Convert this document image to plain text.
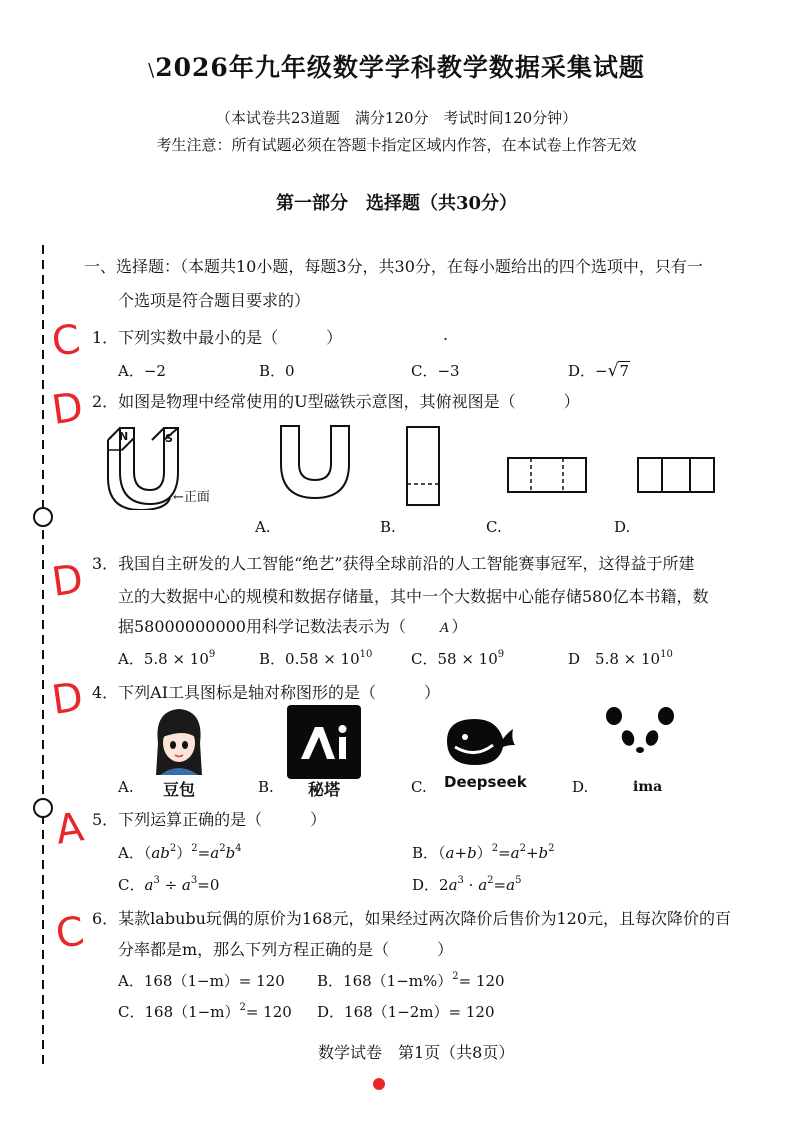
\2026年九年级数学学科教学数据采集试题
（本试卷共23道题　满分120分　考试时间120分钟）
考生注意：所有试题必须在答题卡指定区域内作答，在本试卷上作答无效
第一部分　选择题（共30分）
一、选择题：（本题共10小题，每题3分，共30分，在每小题给出的四个选项中，只有一
个选项是符合题目要求的）
C 1．下列实数中最小的是（　　　）	.
A．−2	B．0	C．−3	D．−√7
D 2．如图是物理中经常使用的U型磁铁示意图，其俯视图是（　　　）
N	S
←正面
A.	B.	C.	D.
D 3．我国自主研发的人工智能“绝艺”获得全球前沿的人工智能赛事冠军，这得益于所建
立的大数据中心的规模和数据存储量，其中一个大数据中心能存储580亿本书籍，数
据58000000000用科学记数法表示为（　　A ）
A．$5.8 \times 10^9$	B．$0.58 \times 10^{10}$	C．$58 \times 10^9$	D　$5.8 \times 10^{10}$
D 4．下列AI工具图标是轴对称图形的是（　　　）
A. 豆包	B. 秘塔	C. Deepseek	D.	ima
A 5．下列运算正确的是（　　　）
A．$(ab^2)^2=a^2b^4$	B．$(a+b)^2=a^2+b^2$
C．$a^3 \div a^3=0$	D．$2a^3 \cdot a^2=a^5$
C 6．某款labubu玩偶的原价为168元，如果经过两次降价后售价为120元，且每次降价的百
分率都是m，那么下列方程正确的是（　　　）
A．168（1−m）= 120 B．$168(1-m\%)^2= 120$
C．$168(1-m)^2= 120$ D．168（1−2m）= 120
数学试卷　第1页（共8页）
